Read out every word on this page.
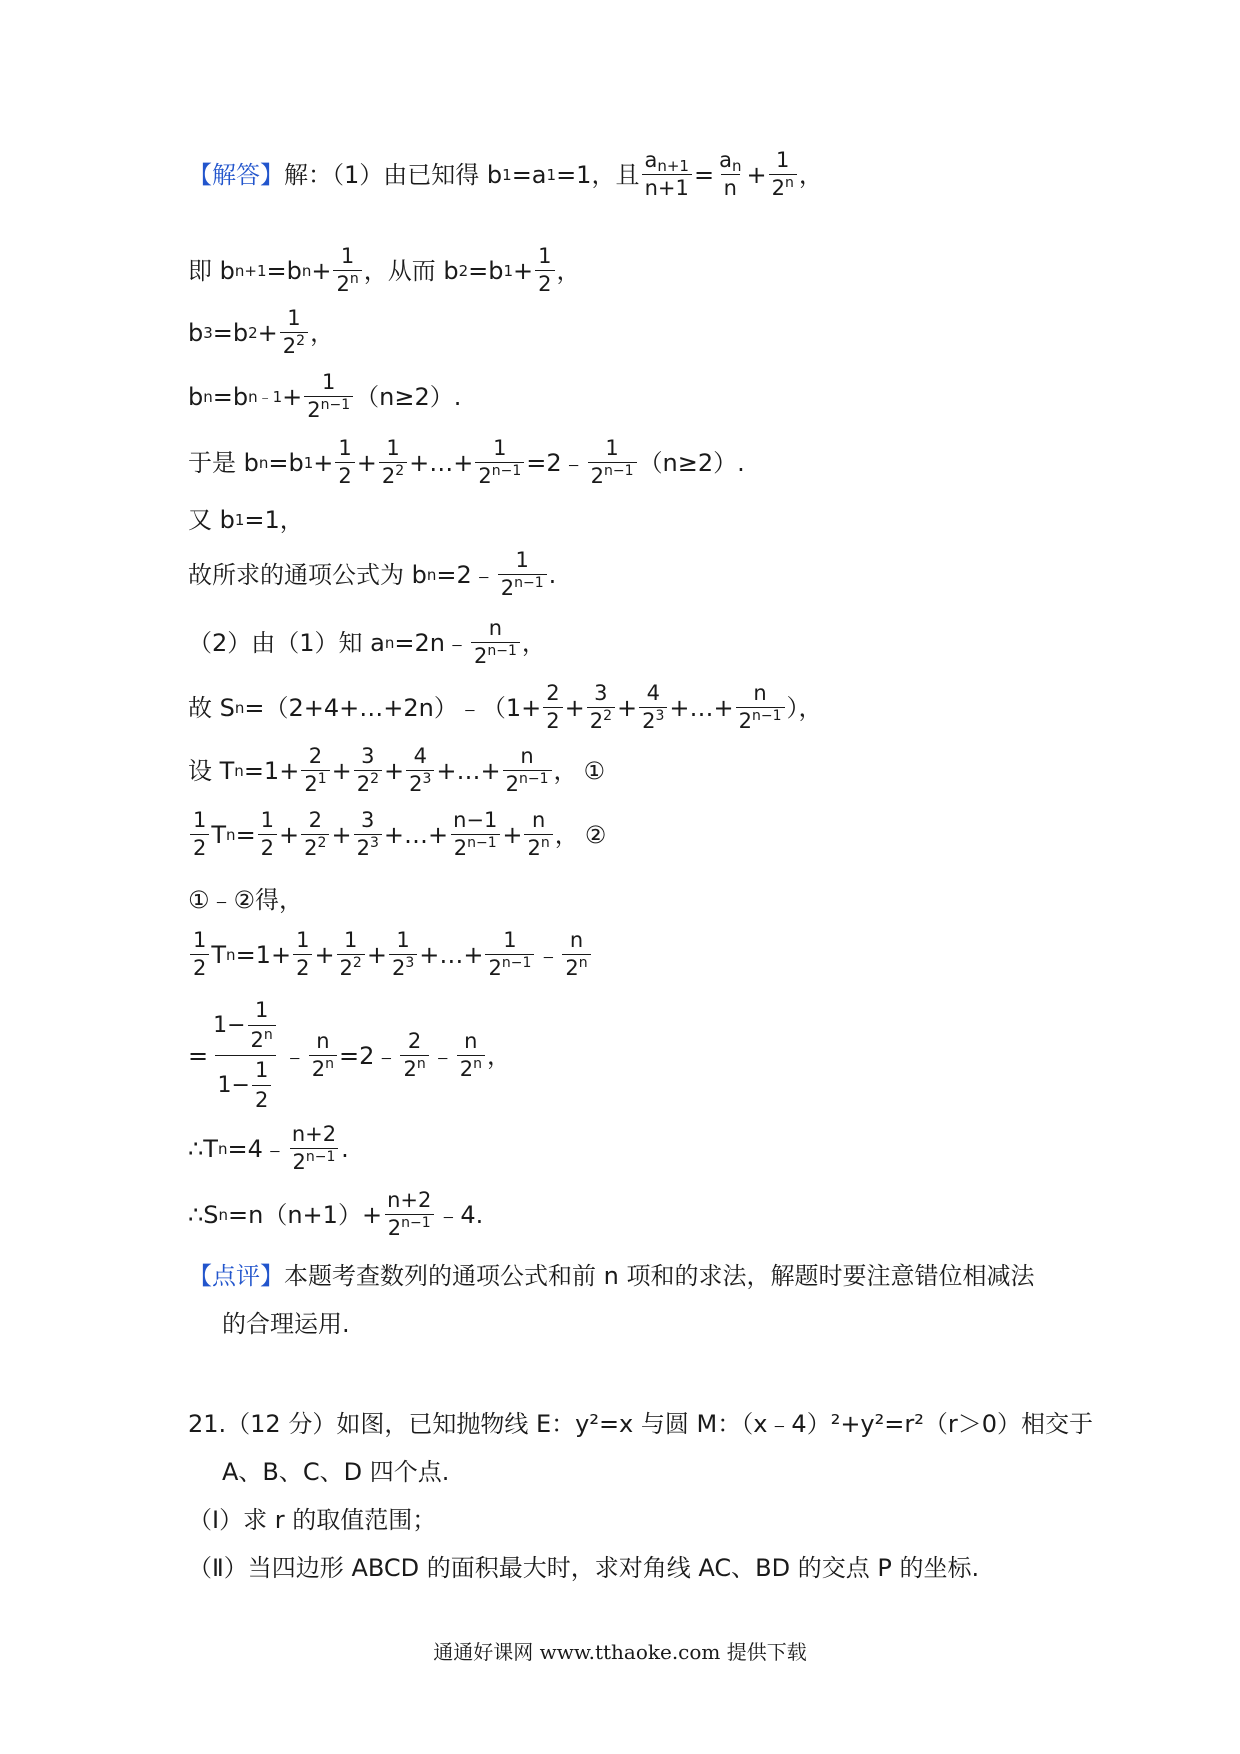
【解答】 解：（1）由已知得 b 1 =a 1 =1，且 $\frac{a_{n+1}}{n+1} = \frac{a_n}{n} + \frac{1}{2^n}$ ，
即 b n+1 =b $n + \frac{1}{2^n}$ ，从而 b 2 =b $1 + \frac{1}{2}$ ，
b 3 =b $2 + \frac{1}{2^2}$ ，
b n =b n﹣1 + $\frac{1}{2^{n-1}} (n\ge 2)$.
于是 b n =b $1 + \frac{1}{2} + \frac{1}{2^2}$ +…+ $\frac{1}{2^{n-1}}$ =2﹣ $\frac{1}{2^{n-1}} (n\ge 2)$.
又 b 1 =1，
故所求的通项公式为 b n =2﹣ $\frac{1}{2^{n-1}}$ .
（2）由（1）知 a n =2n﹣ $\frac{n}{2^{n-1}}$ ，
故 S n =（2+4+…+2n）﹣（1+ $\frac{2}{2} + \frac{3}{2^2} + \frac{4}{2^3}$ +…+ $\frac{n}{2^{n-1}}$ ），
设 T $n =1+ \frac{2}{2^1} + \frac{3}{2^2} + \frac{4}{2^3}$ +…+ $\frac{n}{2^{n-1}}$ ， ①
$\frac{1}{2}$ T $n = \frac{1}{2} + \frac{2}{2^2} + \frac{3}{2^3}$ +…+ $\frac{n-1}{2^{n-1}} + \frac{n}{2^n}$ ， ②
①﹣②得，
$\frac{1}{2}$ T $n =1+ \frac{1}{2} + \frac{1}{2^2} + \frac{1}{2^3}$ +…+ $\frac{1}{2^{n-1}}$ ﹣ $\frac{n}{2^n}$
= $\frac{1- \frac{1}{2^n}}{1- \frac{1}{2}}$ ﹣ $\frac{n}{2^n}$ =2﹣ $\frac{2}{2^n}$ ﹣ $\frac{n}{2^n}$ ，
∴T n =4﹣ $\frac{n+2}{2^{n-1}}$ .
∴S $n =n(n+1)+ \frac{n+2}{2^{n-1}}$ ﹣4.
【点评】 本题考查数列的通项公式和前 n 项和的求法，解题时要注意错位相减法
的合理运用.
21.（12 分）如图，已知抛物线 E：y²=x 与圆 M：（x﹣4）²+y²=r²（r＞0）相交于
A、B、C、D 四个点.
（Ⅰ）求 r 的取值范围；
（Ⅱ）当四边形 ABCD 的面积最大时，求对角线 AC、BD 的交点 P 的坐标.
通通好课网 www.tthaoke.com 提供下载
